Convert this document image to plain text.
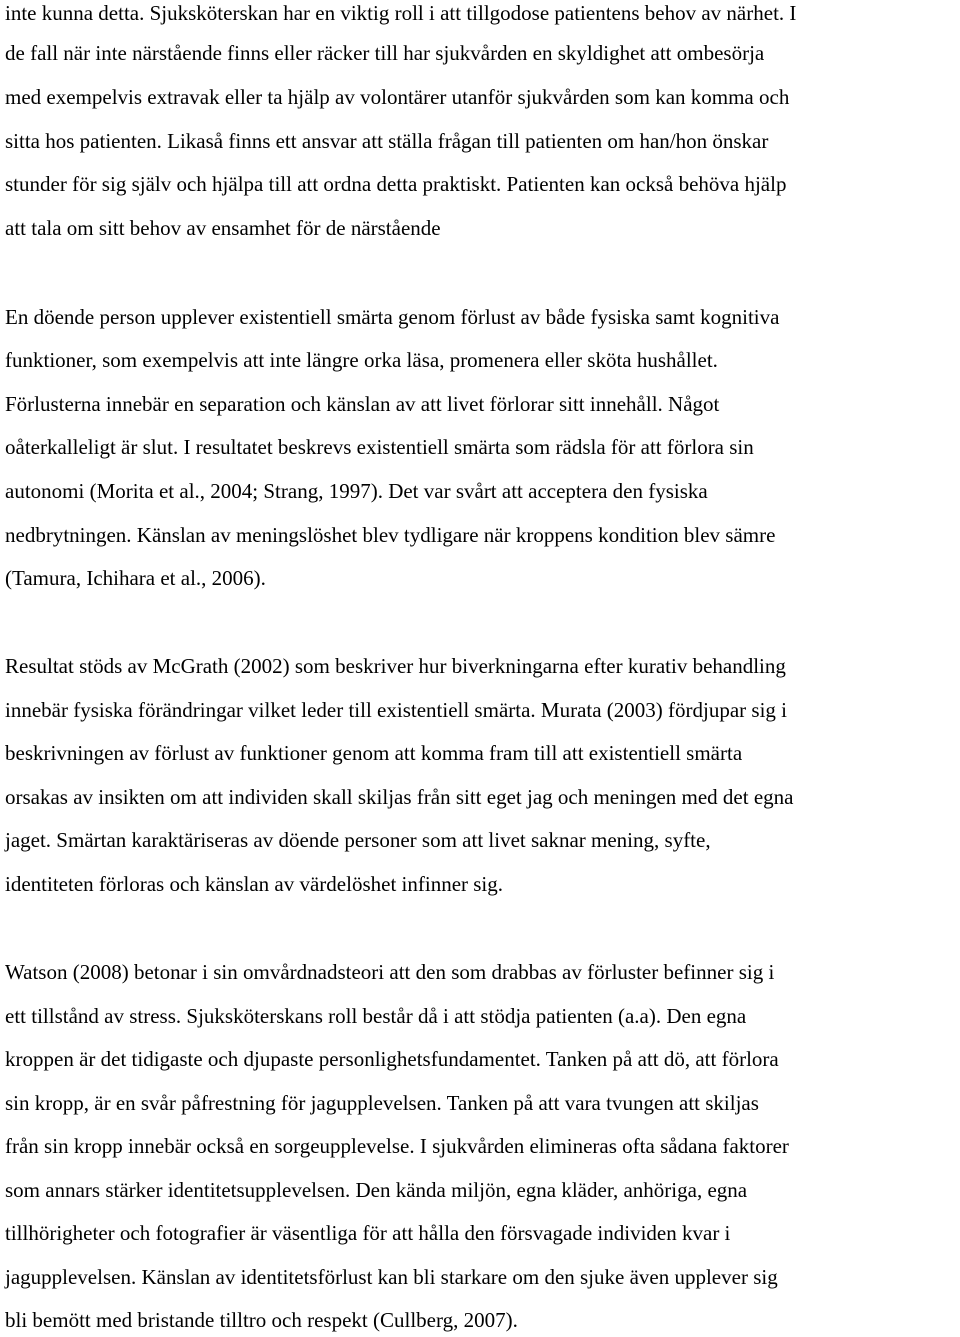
inte kunna detta. Sjuksköterskan har en viktig roll i att tillgodose patientens behov av närhet. I
de fall när inte närstående finns eller räcker till har sjukvården en skyldighet att ombesörja
med exempelvis extravak eller ta hjälp av volontärer utanför sjukvården som kan komma och
sitta hos patienten. Likaså finns ett ansvar att ställa frågan till patienten om han/hon önskar
stunder för sig själv och hjälpa till att ordna detta praktiskt. Patienten kan också behöva hjälp
att tala om sitt behov av ensamhet för de närstående
En döende person upplever existentiell smärta genom förlust av både fysiska samt kognitiva
funktioner, som exempelvis att inte längre orka läsa, promenera eller sköta hushållet.
Förlusterna innebär en separation och känslan av att livet förlorar sitt innehåll. Något
oåterkalleligt är slut. I resultatet beskrevs existentiell smärta som rädsla för att förlora sin
autonomi (Morita et al., 2004; Strang, 1997). Det var svårt att acceptera den fysiska
nedbrytningen. Känslan av meningslöshet blev tydligare när kroppens kondition blev sämre
(Tamura, Ichihara et al., 2006).
Resultat stöds av McGrath (2002) som beskriver hur biverkningarna efter kurativ behandling
innebär fysiska förändringar vilket leder till existentiell smärta. Murata (2003) fördjupar sig i
beskrivningen av förlust av funktioner genom att komma fram till att existentiell smärta
orsakas av insikten om att individen skall skiljas från sitt eget jag och meningen med det egna
jaget. Smärtan karaktäriseras av döende personer som att livet saknar mening, syfte,
identiteten förloras och känslan av värdelöshet infinner sig.
Watson (2008) betonar i sin omvårdnadsteori att den som drabbas av förluster befinner sig i
ett tillstånd av stress. Sjuksköterskans roll består då i att stödja patienten (a.a). Den egna
kroppen är det tidigaste och djupaste personlighetsfundamentet. Tanken på att dö, att förlora
sin kropp, är en svår påfrestning för jagupplevelsen. Tanken på att vara tvungen att skiljas
från sin kropp innebär också en sorgeupplevelse. I sjukvården elimineras ofta sådana faktorer
som annars stärker identitetsupplevelsen. Den kända miljön, egna kläder, anhöriga, egna
tillhörigheter och fotografier är väsentliga för att hålla den försvagade individen kvar i
jagupplevelsen. Känslan av identitetsförlust kan bli starkare om den sjuke även upplever sig
bli bemött med bristande tilltro och respekt (Cullberg, 2007).
